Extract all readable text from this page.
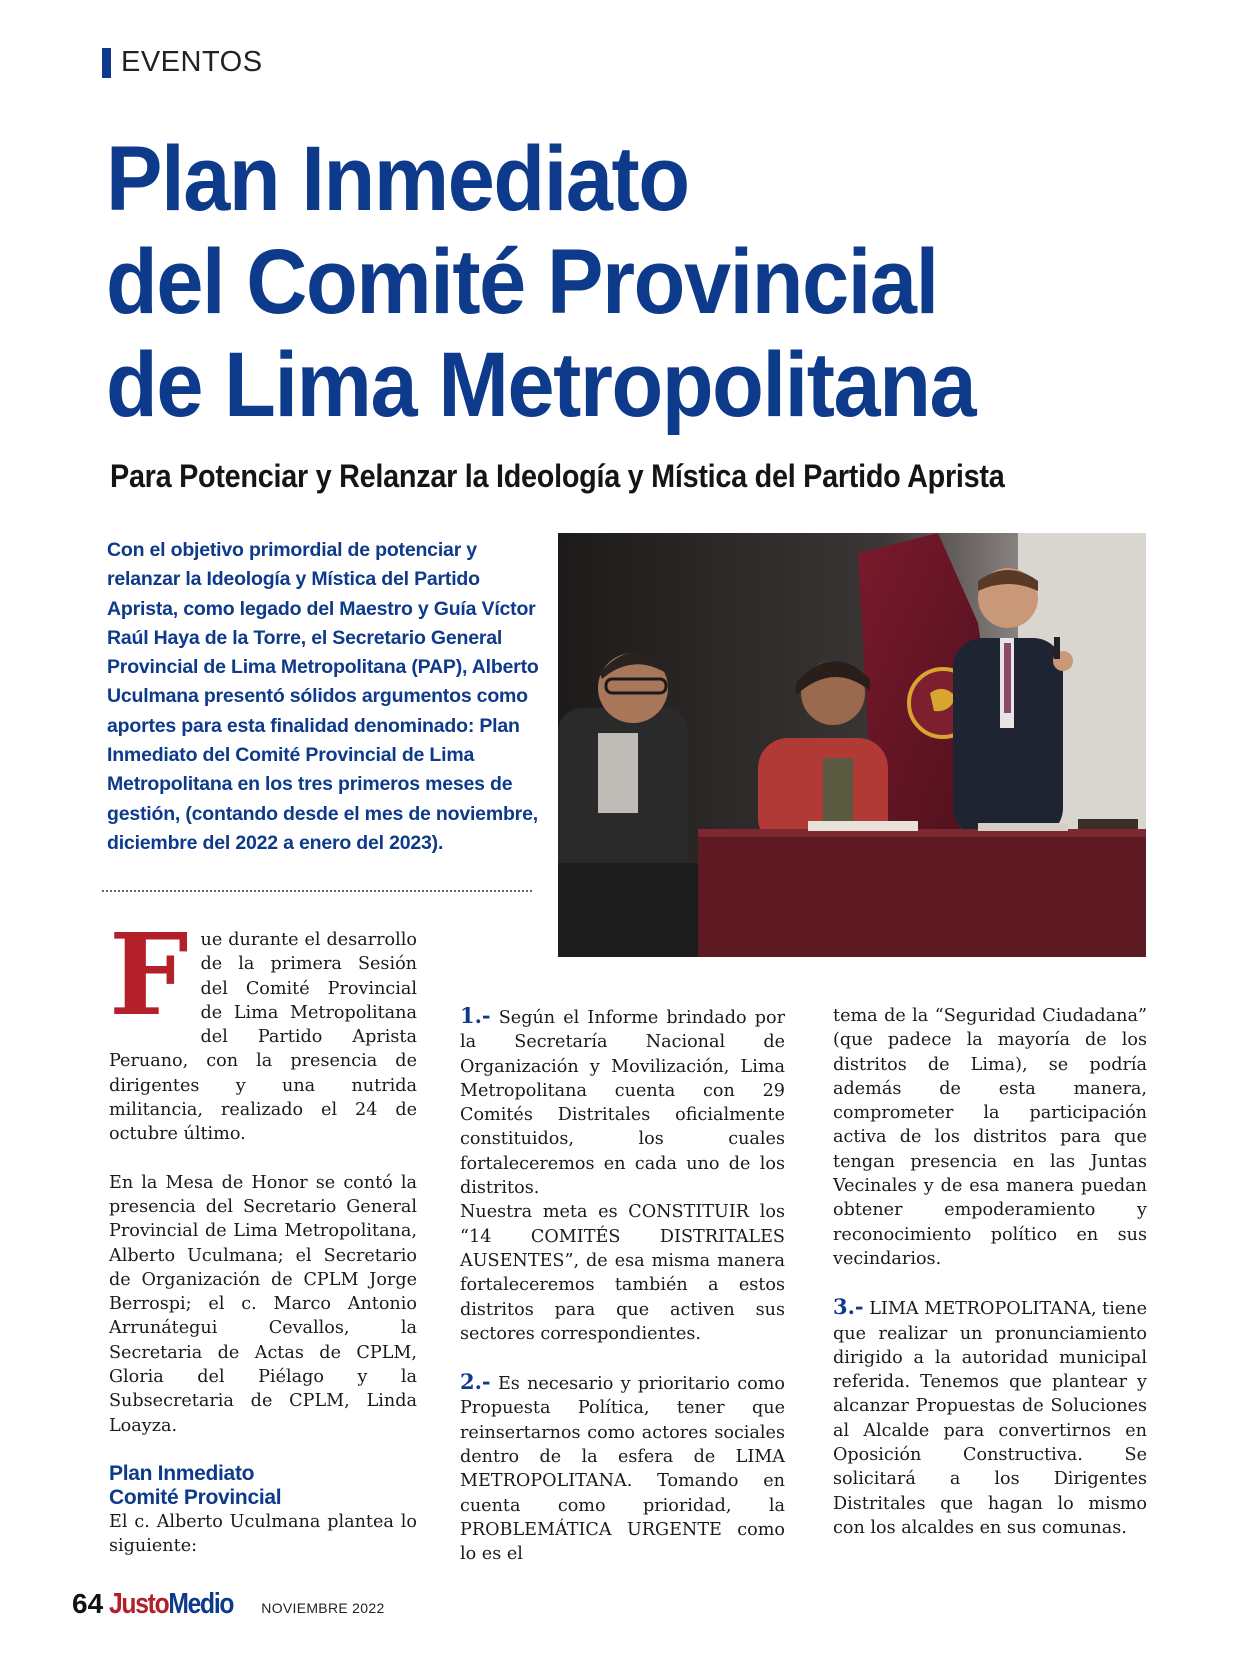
EVENTOS
Plan Inmediato
del Comité Provincial
de Lima Metropolitana
Para Potenciar y Relanzar la Ideología y Mística del Partido Aprista

Con el objetivo primordial de potenciar y relanzar la Ideología y Mística del Partido Aprista, como legado del Maestro y Guía Víctor Raúl Haya de la Torre, el Secretario General Provincial de Lima Metropolitana (PAP), Alberto Uculmana presentó sólidos argumentos como aportes para esta finalidad denominado: Plan Inmediato del Comité Provincial de Lima Metropolitana en los tres primeros meses de gestión, (contando desde el mes de noviembre, diciembre del 2022 a enero del 2023).

F ue durante el desarrollo de la primera Sesión del Comité Provincial de Lima Metropolitana del Partido Aprista Peruano, con la presencia de dirigentes y una nutrida militancia, realizado el 24 de octubre último.

En la Mesa de Honor se contó la presencia del Secretario General Provincial de Lima Metropolitana, Alberto Uculmana; el Secretario de Organización de CPLM Jorge Berrospi; el c. Marco Antonio Arrunátegui Cevallos, la Secretaria de Actas de CPLM, Gloria del Piélago y la Subsecretaria de CPLM, Linda Loayza.

Plan Inmediato
Comité Provincial

El c. Alberto Uculmana plantea lo siguiente:

1.- Según el Informe brindado por la Secretaría Nacional de Organización y Movilización, Lima Metropolitana cuenta con 29 Comités Distritales oficialmente constituidos, los cuales fortaleceremos en cada uno de los distritos.

Nuestra meta es CONSTITUIR los “14 COMITÉS DISTRITALES AUSENTES”, de esa misma manera fortaleceremos también a estos distritos para que activen sus sectores correspondientes.

2.- Es necesario y prioritario como Propuesta Política, tener que reinsertarnos como actores sociales dentro de la esfera de LIMA METROPOLITANA. Tomando en cuenta como prioridad, la PROBLEMÁTICA URGENTE como lo es el

tema de la “Seguridad Ciudadana” (que padece la mayoría de los distritos de Lima), se podría además de esta manera, comprometer la participación activa de los distritos para que tengan presencia en las Juntas Vecinales y de esa manera puedan obtener empoderamiento y reconocimiento político en sus vecindarios.

3.- LIMA METROPOLITANA, tiene que realizar un pronunciamiento dirigido a la autoridad municipal referida. Tenemos que plantear y alcanzar Propuestas de Soluciones al Alcalde para convertirnos en Oposición Constructiva. Se solicitará a los Dirigentes Distritales que hagan lo mismo con los alcaldes en sus comunas.

64 JustoMedio NOVIEMBRE 2022
